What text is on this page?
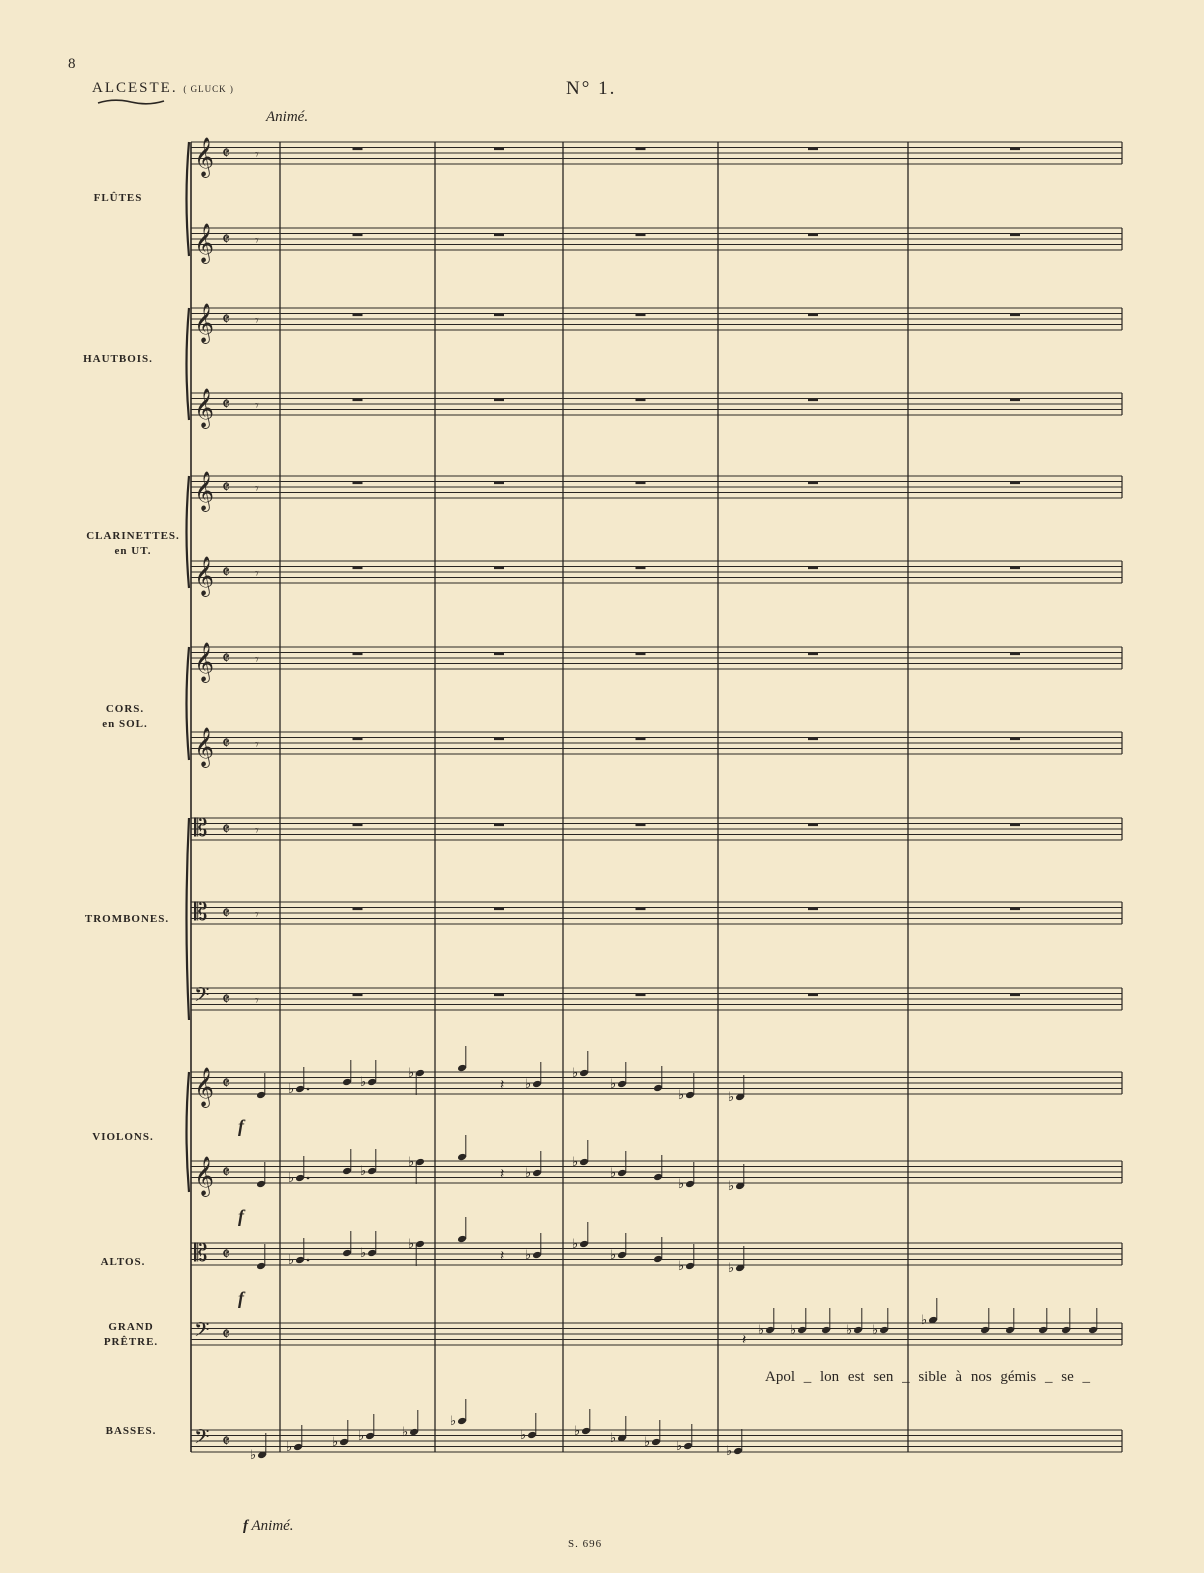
8
ALCESTE. ( GLUCK )	N° 1.
Animé.
FLÛTES
HAUTBOIS.
CLARINETTES.
en UT.
CORS.
en SOL.
TROMBONES.
VIOLONS.
ALTOS.
GRAND
PRÊTRE.
BASSES.
Apol _ lon est sen _ sible à nos gémis _ se _
f
f
f
f Animé.
S. 696
𝄞 𝄵 𝄾
𝄞 𝄵 𝄾
𝄞 𝄵 𝄾
𝄞 𝄵 𝄾
𝄞 𝄵 𝄾
𝄞 𝄵 𝄾
𝄞 𝄵 𝄾
𝄞 𝄵 𝄾
𝄡 𝄵 𝄾
𝄡 𝄵 𝄾
𝄢 𝄵 𝄾
𝄞 𝄵
𝄞 𝄵
𝄡 𝄵
𝄢 𝄵
𝄢 𝄵
♭	♭
♭
𝄽 ♭
♭
♭
♭	♭
♭	♭
♭
𝄽 ♭
♭
♭
♭	♭
♭	♭
♭
𝄽 ♭
♭
♭
♭	♭
♭ ♭	♭ ♭
𝄽
♭
♭
♭	♭ ♭	♭
♭
♭	♭ ♭ ♭ ♭	♭
